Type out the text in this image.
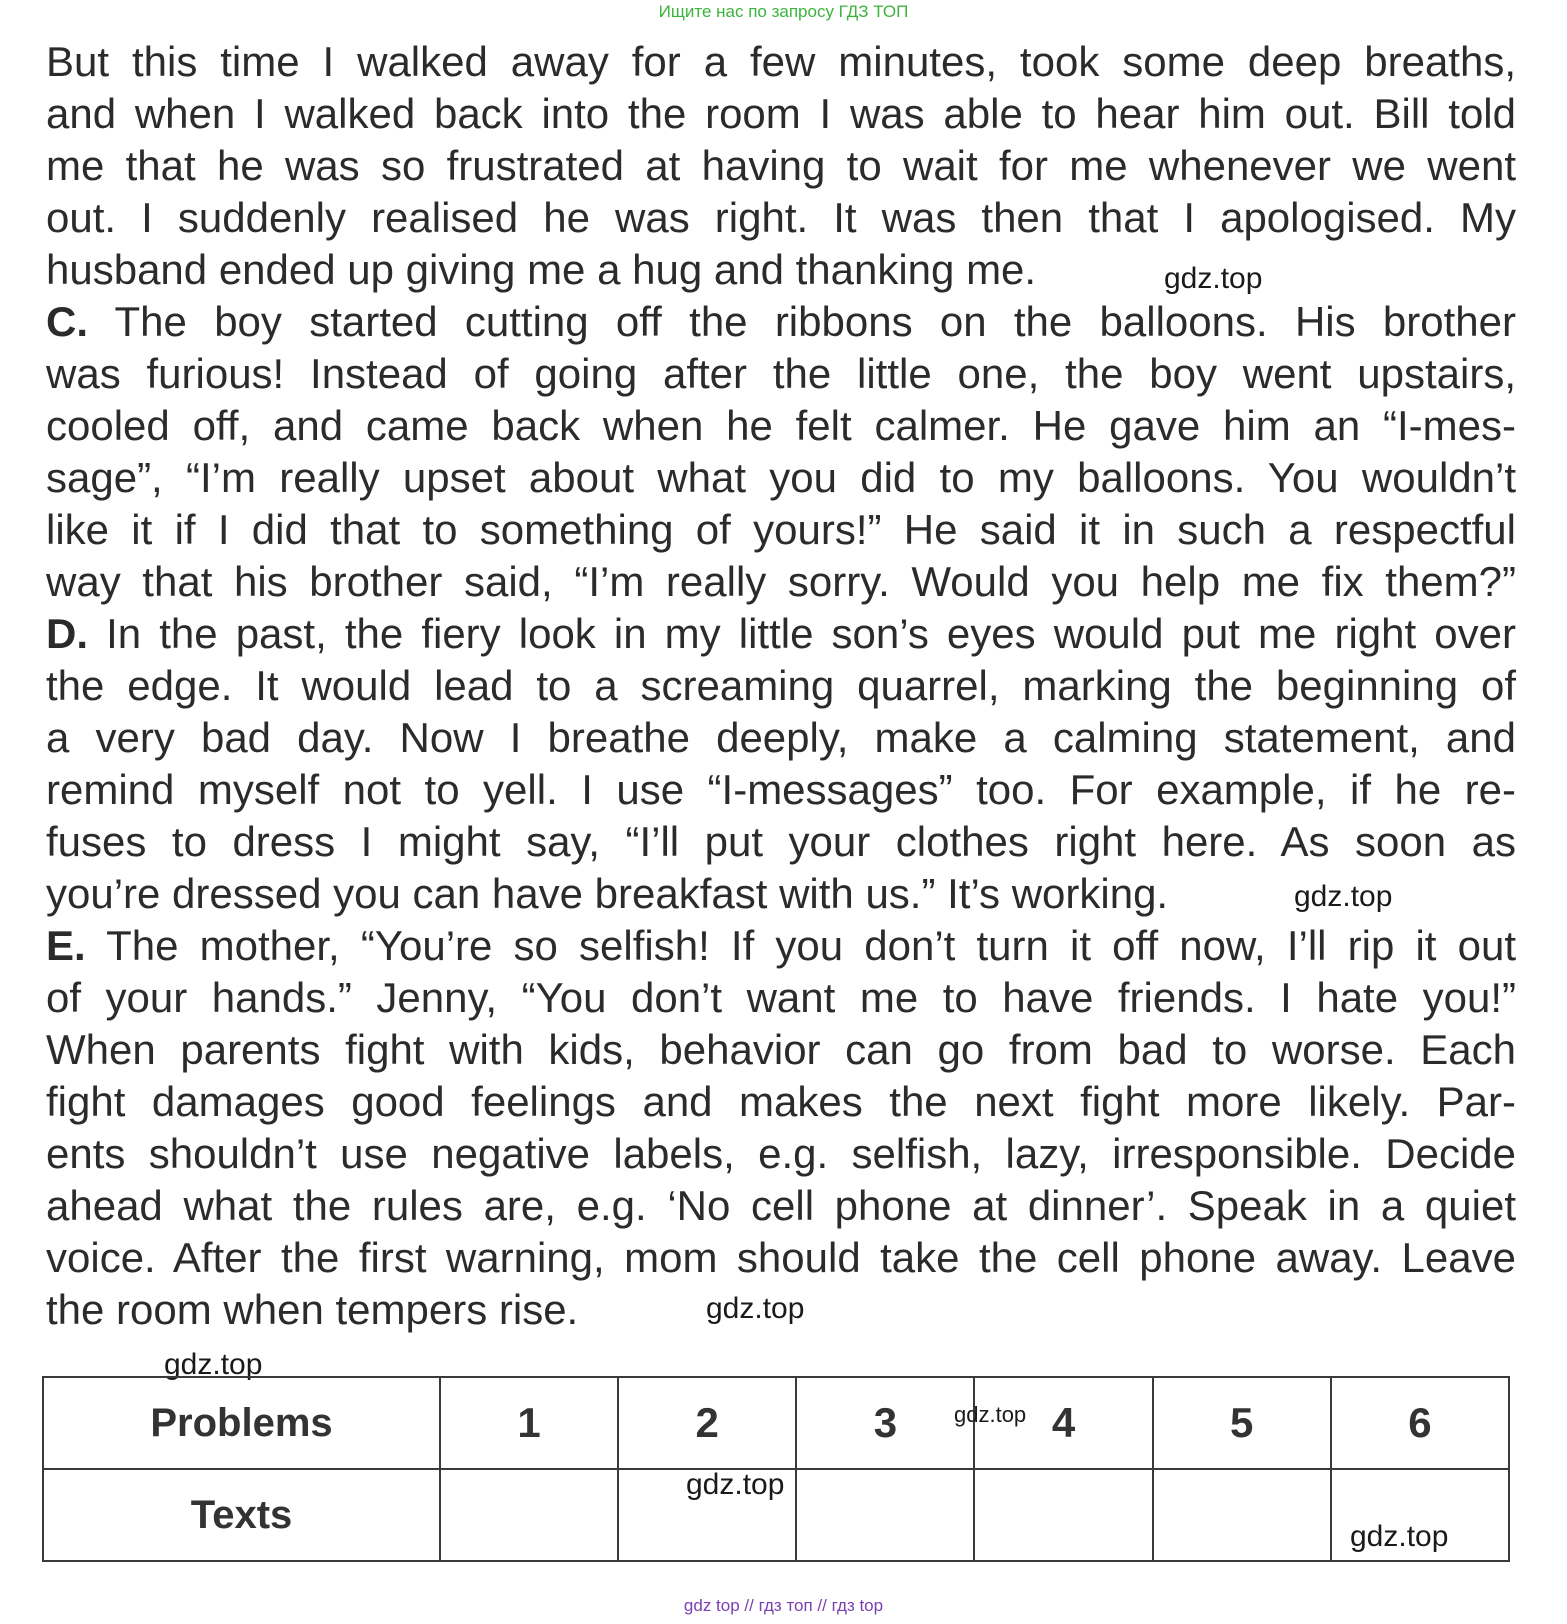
Ищите нас по запросу ГДЗ ТОП
But this time I walked away for a few minutes, took some deep breaths,
and when I walked back into the room I was able to hear him out. Bill told
me that he was so frustrated at having to wait for me whenever we went
out. I suddenly realised he was right. It was then that I apologised. My
husband ended up giving me a hug and thanking me.
C. The boy started cutting off the ribbons on the balloons. His brother
was furious! Instead of going after the little one, the boy went upstairs,
cooled off, and came back when he felt calmer. He gave him an “I-mes-
sage”, “I’m really upset about what you did to my balloons. You wouldn’t
like it if I did that to something of yours!” He said it in such a respectful
way that his brother said, “I’m really sorry. Would you help me fix them?”
D. In the past, the fiery look in my little son’s eyes would put me right over
the edge. It would lead to a screaming quarrel, marking the beginning of
a very bad day. Now I breathe deeply, make a calming statement, and
remind myself not to yell. I use “I-messages” too. For example, if he re-
fuses to dress I might say, “I’ll put your clothes right here. As soon as
you’re dressed you can have breakfast with us.” It’s working.
E. The mother, “You’re so selfish! If you don’t turn it off now, I’ll rip it out
of your hands.” Jenny, “You don’t want me to have friends. I hate you!”
When parents fight with kids, behavior can go from bad to worse. Each
fight damages good feelings and makes the next fight more likely. Par-
ents shouldn’t use negative labels, e.g. selfish, lazy, irresponsible. Decide
ahead what the rules are, e.g. ‘No cell phone at dinner’. Speak in a quiet
voice. After the first warning, mom should take the cell phone away. Leave
the room when tempers rise.
gdz.top
gdz.top
gdz.top
gdz.top
Problems	1	2	3	4	5	6
Texts						
gdz.top
gdz.top
gdz.top
gdz top // гдз топ // гдз top
